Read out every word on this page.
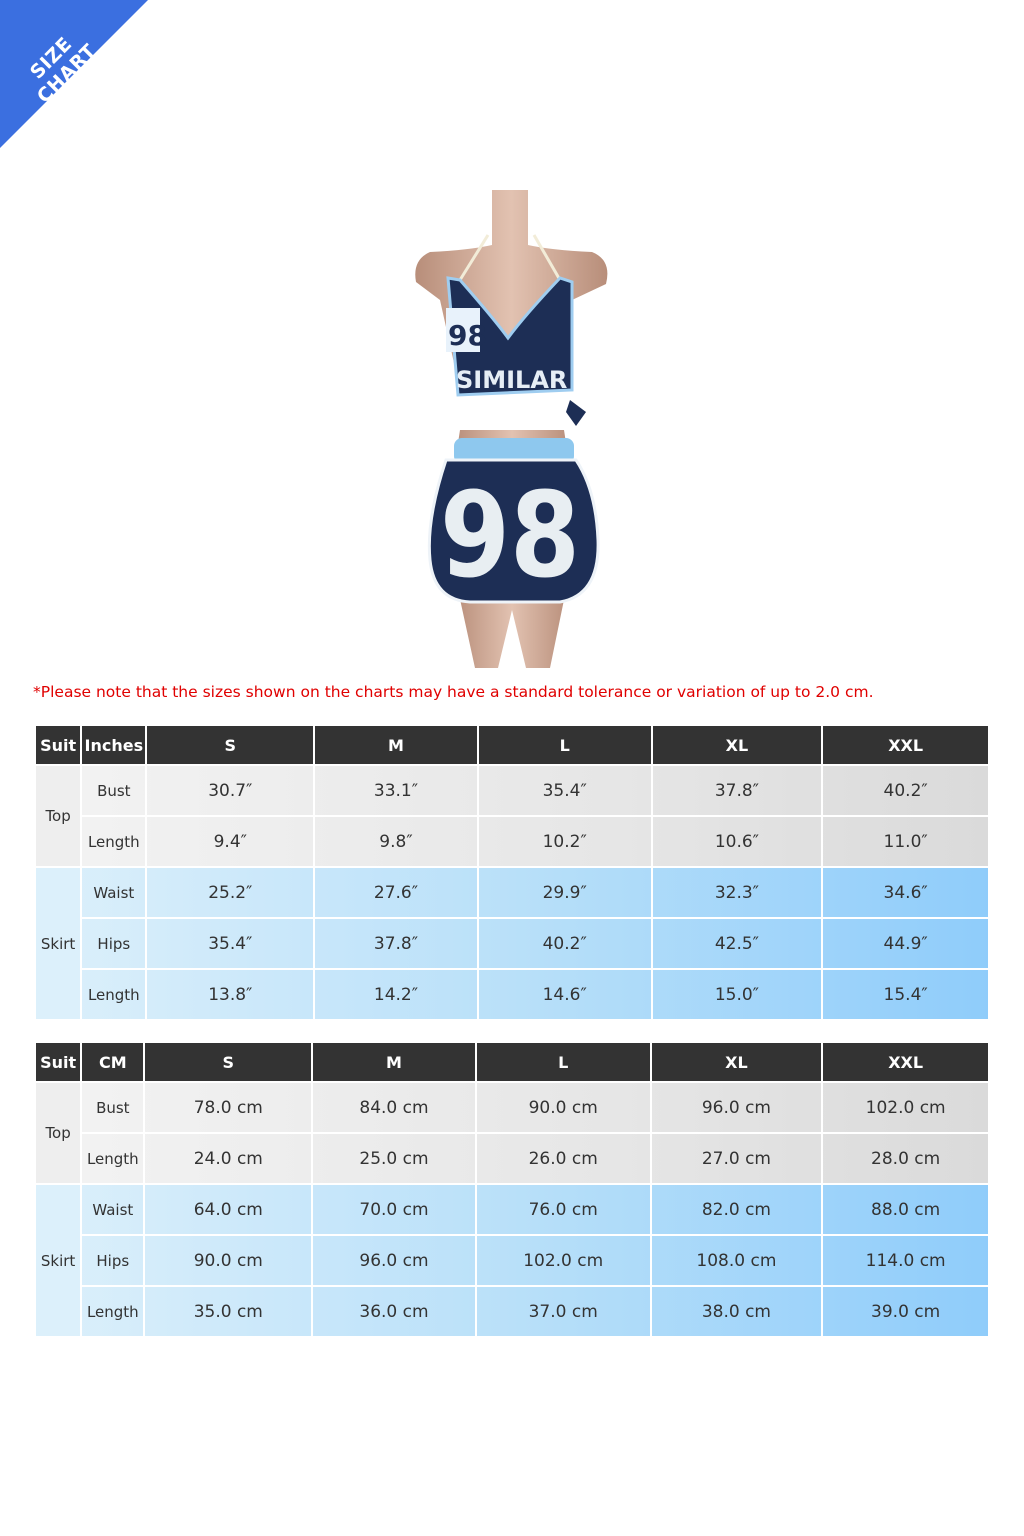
SIZE CHART
98
SIMILAR
98
*Please note that the sizes shown on the charts may have a standard tolerance or variation of up to 2.0 cm.
Suit	Inches	S	M	L	XL	XXL
Top	Bust	30.7″	33.1″	35.4″	37.8″	40.2″
	Length	9.4″	9.8″	10.2″	10.6″	11.0″
Skirt	Waist	25.2″	27.6″	29.9″	32.3″	34.6″
	Hips	35.4″	37.8″	40.2″	42.5″	44.9″
	Length	13.8″	14.2″	14.6″	15.0″	15.4″
Suit	CM	S	M	L	XL	XXL
Top	Bust	78.0 cm	84.0 cm	90.0 cm	96.0 cm	102.0 cm
	Length	24.0 cm	25.0 cm	26.0 cm	27.0 cm	28.0 cm
Skirt	Waist	64.0 cm	70.0 cm	76.0 cm	82.0 cm	88.0 cm
	Hips	90.0 cm	96.0 cm	102.0 cm	108.0 cm	114.0 cm
	Length	35.0 cm	36.0 cm	37.0 cm	38.0 cm	39.0 cm
